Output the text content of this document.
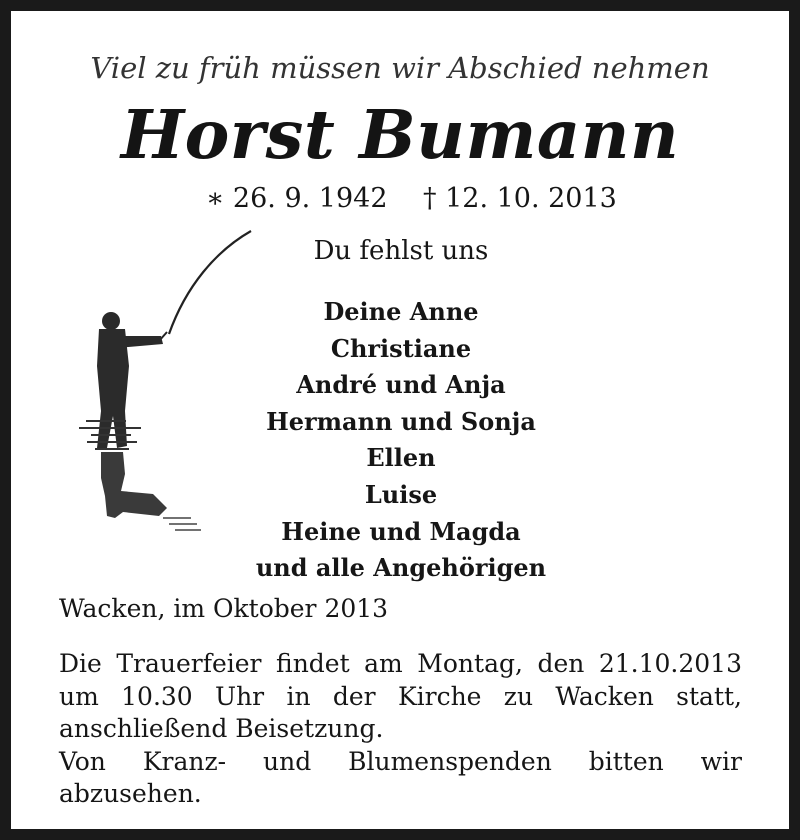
Viel zu früh müssen wir Abschied nehmen
Horst Bumann
∗ 26. 9. 1942 † 12. 10. 2013
Du fehlst uns
Deine Anne
Christiane
André und Anja
Hermann und Sonja
Ellen
Luise
Heine und Magda
und alle Angehörigen
Wacken, im Oktober 2013

Die Trauerfeier findet am Montag, den 21.10.2013

um 10.30 Uhr in der Kirche zu Wacken statt,

anschließend Beisetzung.

Von Kranz- und Blumenspenden bitten wir

abzusehen.
